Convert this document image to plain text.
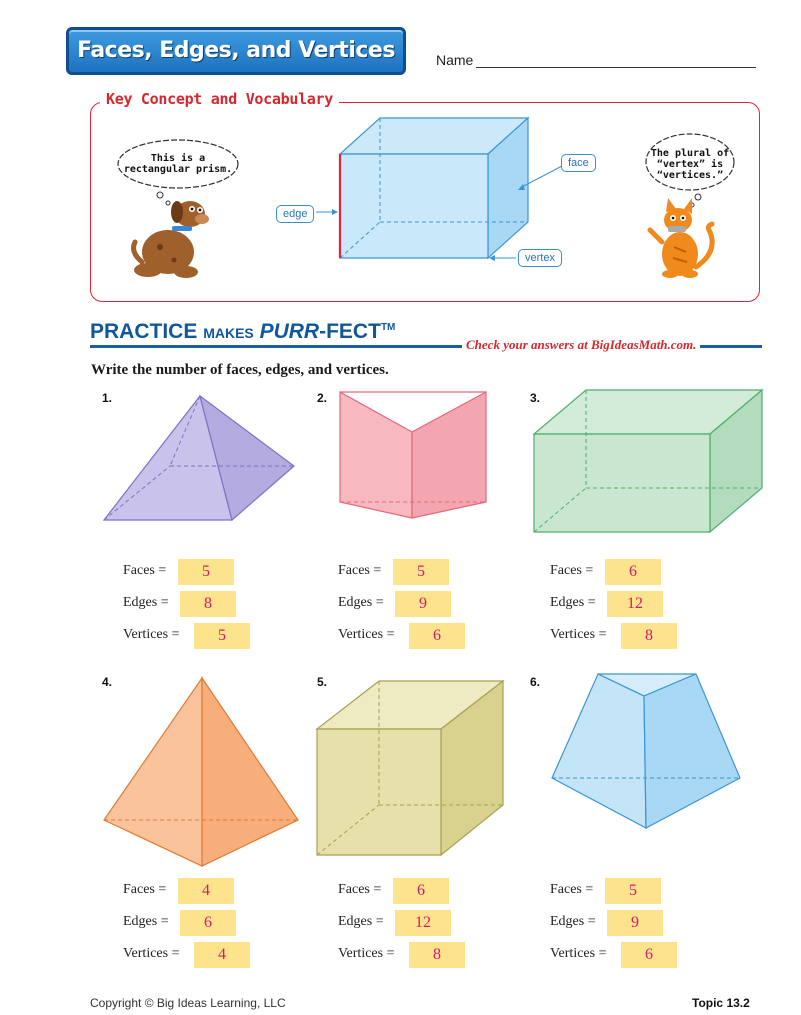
Faces, Edges, and Vertices	Name
Key Concept and Vocabulary
This is a
rectangular prism.
The plural of
“vertex” is
“vertices.”
face
edge
vertex
PRACTICE MAKES PURR-FECT™
Check your answers at BigIdeasMath.com.
Write the number of faces, edges, and vertices.
1.	2.	3.
4.	5.	6.
Faces =	5
Edges =	8
Vertices =	5
Faces =	5
Edges =	9
Vertices =	6
Faces =	6
Edges =	12
Vertices =	8
Faces =	4
Edges =	6
Vertices =	4
Faces =	6
Edges =	12
Vertices =	8
Faces =	5
Edges =	9
Vertices =	6
Copyright © Big Ideas Learning, LLC	Topic 13.2
